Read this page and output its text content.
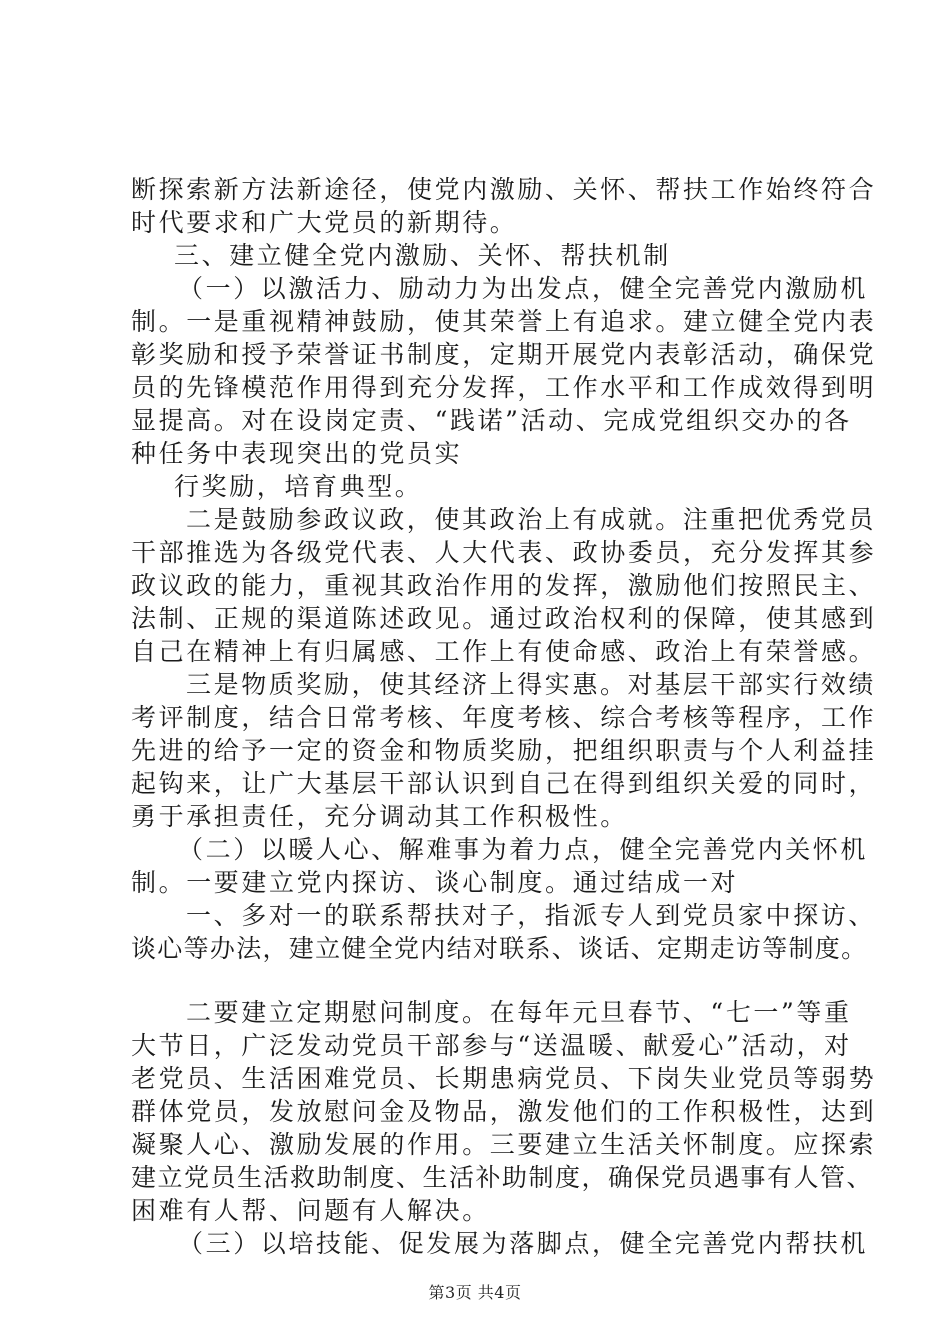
断探索新方法新途径，使党内激励、关怀、帮扶工作始终符合
时代要求和广大党员的新期待。
三、建立健全党内激励、关怀、帮扶机制
（一）以激活力、励动力为出发点，健全完善党内激励机
制。一是重视精神鼓励，使其荣誉上有追求。建立健全党内表
彰奖励和授予荣誉证书制度，定期开展党内表彰活动，确保党
员的先锋模范作用得到充分发挥，工作水平和工作成效得到明
显提高。对在设岗定责、“践诺”活动、完成党组织交办的各
种任务中表现突出的党员实
行奖励，培育典型。
二是鼓励参政议政，使其政治上有成就。注重把优秀党员
干部推选为各级党代表、人大代表、政协委员，充分发挥其参
政议政的能力，重视其政治作用的发挥，激励他们按照民主、
法制、正规的渠道陈述政见。通过政治权利的保障，使其感到
自己在精神上有归属感、工作上有使命感、政治上有荣誉感。
三是物质奖励，使其经济上得实惠。对基层干部实行效绩
考评制度，结合日常考核、年度考核、综合考核等程序，工作
先进的给予一定的资金和物质奖励，把组织职责与个人利益挂
起钩来，让广大基层干部认识到自己在得到组织关爱的同时，
勇于承担责任，充分调动其工作积极性。
（二）以暖人心、解难事为着力点，健全完善党内关怀机
制。一要建立党内探访、谈心制度。通过结成一对
一、多对一的联系帮扶对子，指派专人到党员家中探访、
谈心等办法，建立健全党内结对联系、谈话、定期走访等制度。
二要建立定期慰问制度。在每年元旦春节、“七一”等重
大节日，广泛发动党员干部参与“送温暖、献爱心”活动，对
老党员、生活困难党员、长期患病党员、下岗失业党员等弱势
群体党员，发放慰问金及物品，激发他们的工作积极性，达到
凝聚人心、激励发展的作用。三要建立生活关怀制度。应探索
建立党员生活救助制度、生活补助制度，确保党员遇事有人管、
困难有人帮、问题有人解决。
（三）以培技能、促发展为落脚点，健全完善党内帮扶机
第3页 共4页
